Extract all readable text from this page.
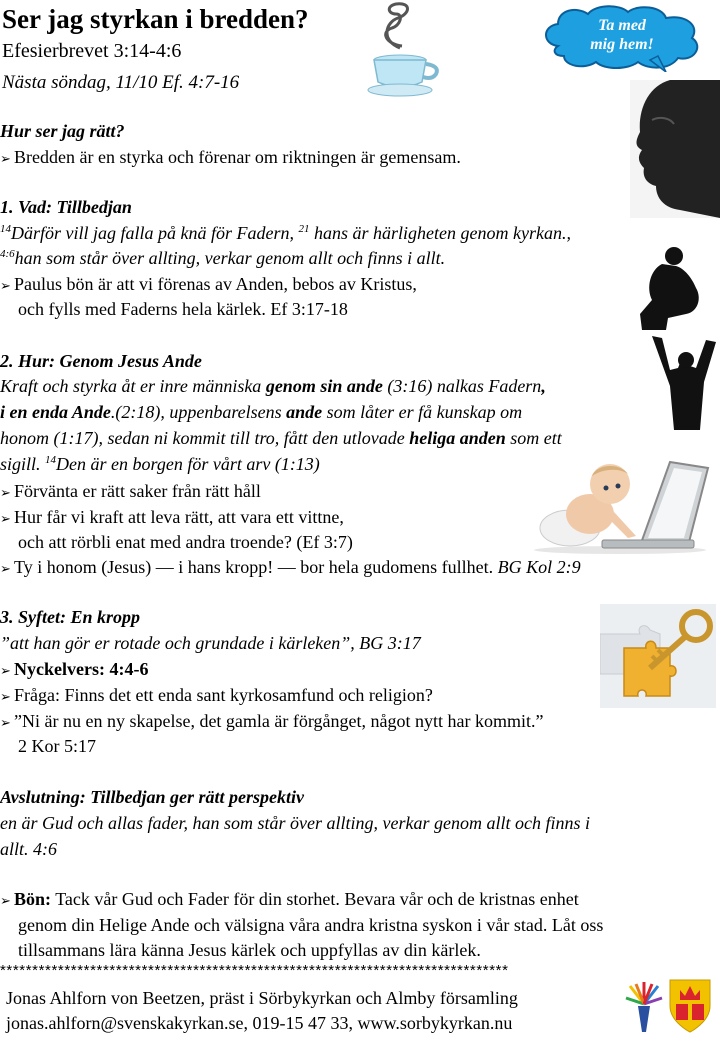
Ser jag styrkan i bredden?
Efesierbrevet 3:14-4:6
Nästa söndag, 11/10 Ef. 4:7-16
Ta med
mig hem!
Hur ser jag rätt?
➢ Bredden är en styrka och förenar om riktningen är gemensam.
1. Vad: Tillbedjan
$^{14}$Därför vill jag falla på knä för Fadern, $^{21}$ hans är härligheten genom kyrkan.,
$^{4:6}$han som står över allting, verkar genom allt och finns i allt.
➢ Paulus bön är att vi förenas av Anden, bebos av Kristus,
och fylls med Faderns hela kärlek. Ef 3:17-18
2. Hur: Genom Jesus Ande
Kraft och styrka åt er inre människa genom sin ande (3:16) nalkas Fadern,
i en enda Ande.(2:18), uppenbarelsens ande som låter er få kunskap om
honom (1:17), sedan ni kommit till tro, fått den utlovade heliga anden som ett
sigill. $^{14}$Den är en borgen för vårt arv (1:13)
➢ Förvänta er rätt saker från rätt håll
➢ Hur får vi kraft att leva rätt, att vara ett vittne,
och att rörbli enat med andra troende? (Ef 3:7)
➢ Ty i honom (Jesus) — i hans kropp! — bor hela gudomens fullhet. BG Kol 2:9
3. Syftet: En kropp
”att han gör er rotade och grundade i kärleken”, BG 3:17
➢ Nyckelvers: 4:4-6
➢ Fråga: Finns det ett enda sant kyrkosamfund och religion?
➢ ”Ni är nu en ny skapelse, det gamla är förgånget, något nytt har kommit.”
2 Kor 5:17
Avslutning: Tillbedjan ger rätt perspektiv
en är Gud och allas fader, han som står över allting, verkar genom allt och finns i
allt. 4:6
➢ Bön: Tack vår Gud och Fader för din storhet. Bevara vår och de kristnas enhet
genom din Helige Ande och välsigna våra andra kristna syskon i vår stad. Låt oss
tillsammans lära känna Jesus kärlek och uppfyllas av din kärlek.
*******************************************************************************
Jonas Ahlforn von Beetzen, präst i Sörbykyrkan och Almby församling
jonas.ahlforn@svenskakyrkan.se, 019-15 47 33, www.sorbykyrkan.nu
